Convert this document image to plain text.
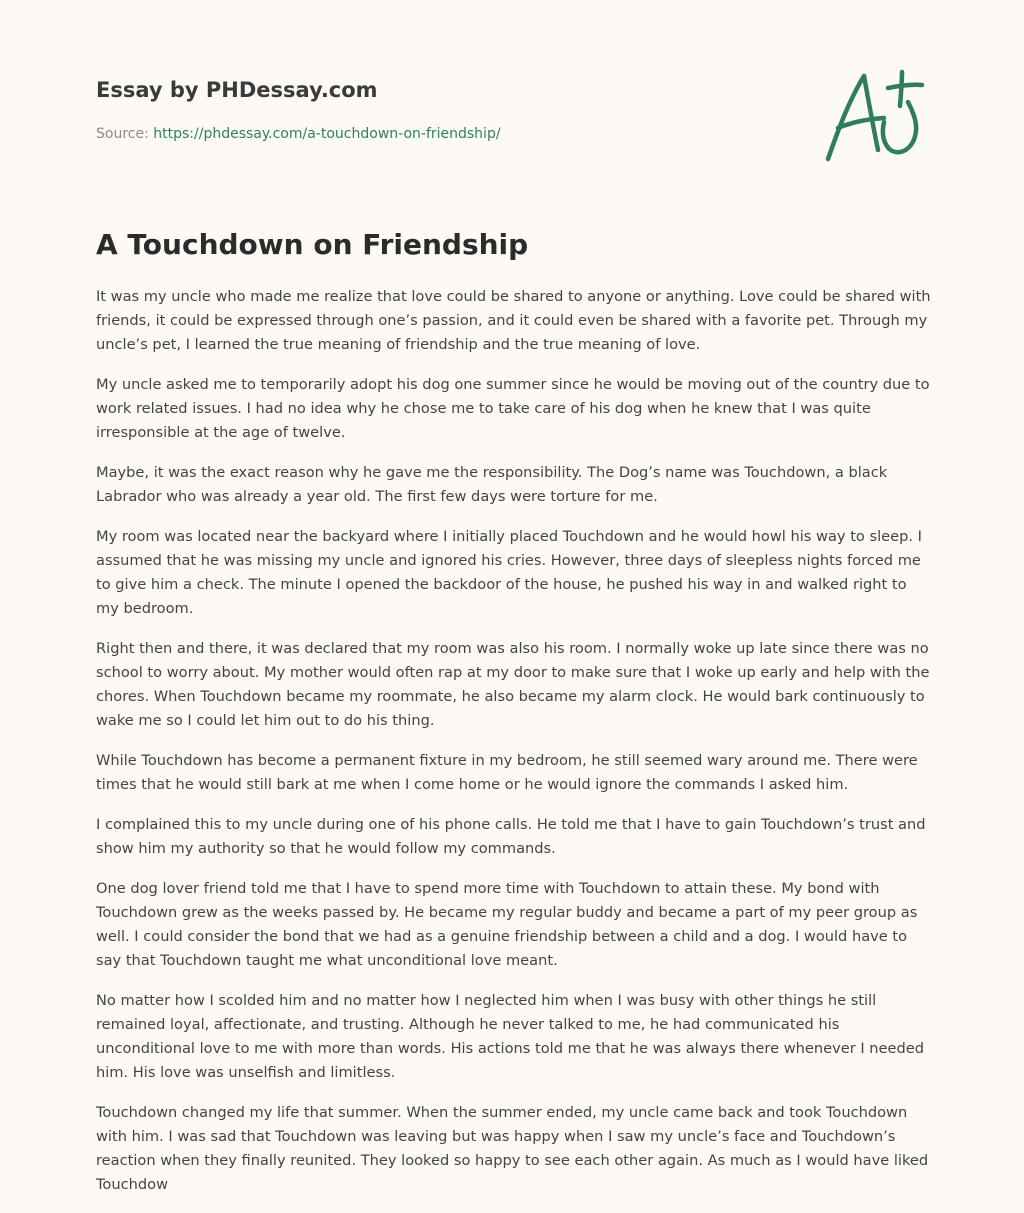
Essay by PHDessay.com

Source: https://phdessay.com/a-touchdown-on-friendship/
A Touchdown on Friendship

It was my uncle who made me realize that love could be shared to anyone or anything. Love could be shared with friends, it could be expressed through one’s passion, and it could even be shared with a favorite pet. Through my uncle’s pet, I learned the true meaning of friendship and the true meaning of love.

My uncle asked me to temporarily adopt his dog one summer since he would be moving out of the country due to work related issues. I had no idea why he chose me to take care of his dog when he knew that I was quite irresponsible at the age of twelve.

Maybe, it was the exact reason why he gave me the responsibility. The Dog’s name was Touchdown, a black Labrador who was already a year old. The first few days were torture for me.

My room was located near the backyard where I initially placed Touchdown and he would howl his way to sleep. I assumed that he was missing my uncle and ignored his cries. However, three days of sleepless nights forced me to give him a check. The minute I opened the backdoor of the house, he pushed his way in and walked right to my bedroom.

Right then and there, it was declared that my room was also his room. I normally woke up late since there was no school to worry about. My mother would often rap at my door to make sure that I woke up early and help with the chores. When Touchdown became my roommate, he also became my alarm clock. He would bark continuously to wake me so I could let him out to do his thing.

While Touchdown has become a permanent fixture in my bedroom, he still seemed wary around me. There were times that he would still bark at me when I come home or he would ignore the commands I asked him.

I complained this to my uncle during one of his phone calls. He told me that I have to gain Touchdown’s trust and show him my authority so that he would follow my commands.

One dog lover friend told me that I have to spend more time with Touchdown to attain these. My bond with Touchdown grew as the weeks passed by. He became my regular buddy and became a part of my peer group as well. I could consider the bond that we had as a genuine friendship between a child and a dog. I would have to say that Touchdown taught me what unconditional love meant.

No matter how I scolded him and no matter how I neglected him when I was busy with other things he still remained loyal, affectionate, and trusting. Although he never talked to me, he had communicated his unconditional love to me with more than words. His actions told me that he was always there whenever I needed him. His love was unselfish and limitless.

Touchdown changed my life that summer. When the summer ended, my uncle came back and took Touchdown with him. I was sad that Touchdown was leaving but was happy when I saw my uncle’s face and Touchdown’s reaction when they finally reunited. They looked so happy to see each other again. As much as I would have liked Touchdow
